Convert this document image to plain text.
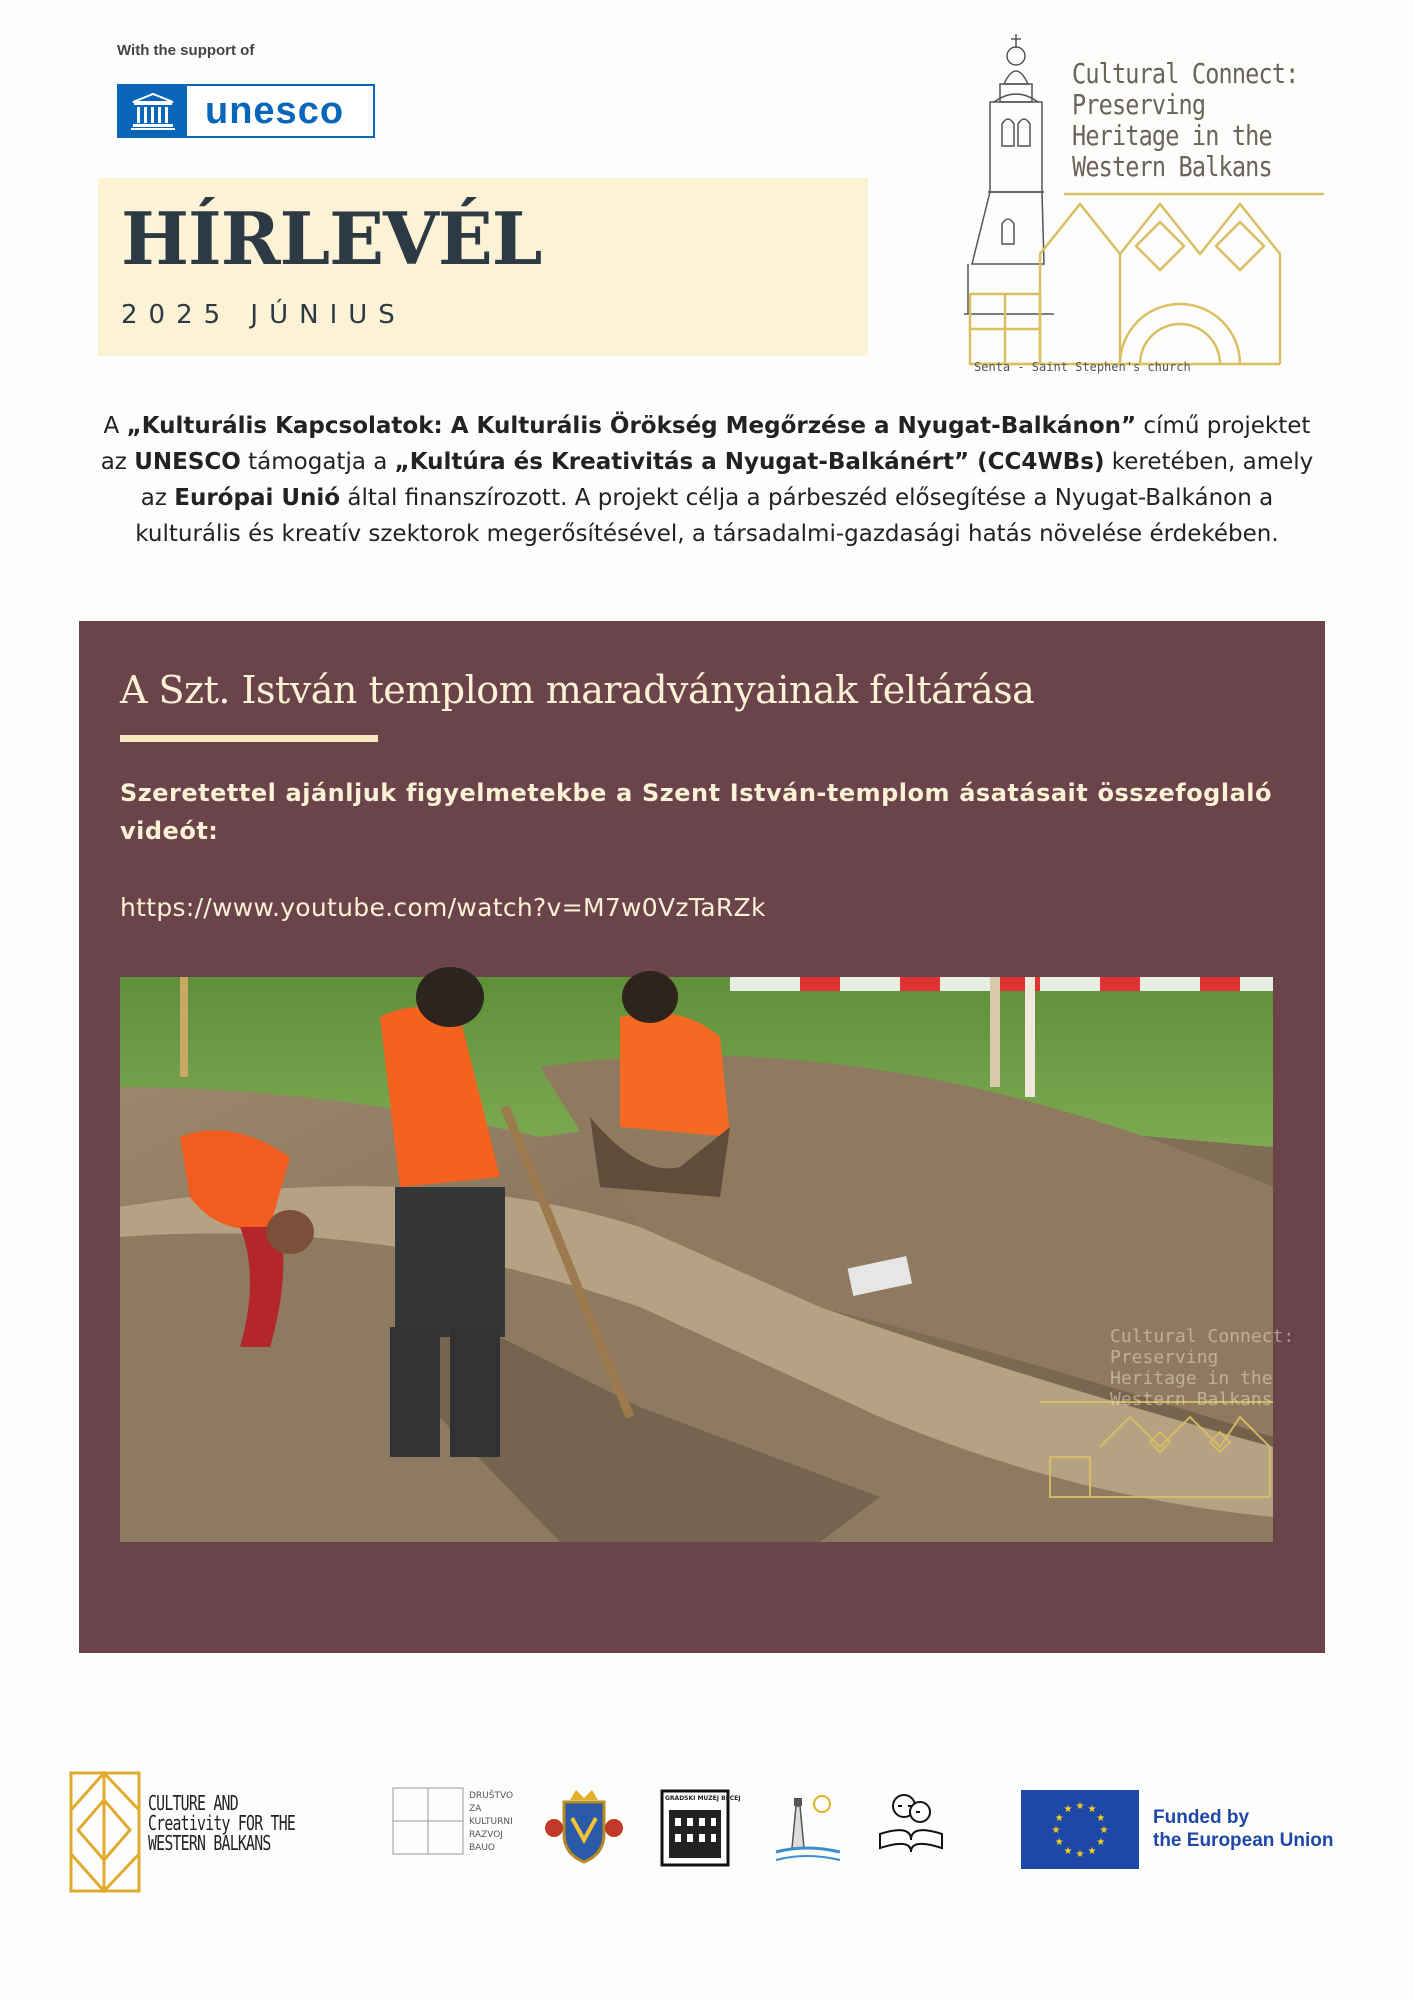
With the support of
unesco
HÍRLEVÉL
2025 JÚNIUS
Cultural Connect:
Preserving
Heritage in the
Western Balkans
Senta - Saint Stephen's church
A „Kulturális Kapcsolatok: A Kulturális Örökség Megőrzése a Nyugat-Balkánon” című projektet az UNESCO támogatja a „Kultúra és Kreativitás a Nyugat-Balkánért” (CC4WBs) keretében, amely az Európai Unió által finanszírozott. A projekt célja a párbeszéd elősegítése a Nyugat-Balkánon a kulturális és kreatív szektorok megerősítésével, a társadalmi-gazdasági hatás növelése érdekében.
A Szt. István templom maradványainak feltárása
Szeretettel ajánljuk figyelmetekbe a Szent István-templom ásatásait összefoglaló videót:
https://www.youtube.com/watch?v=M7w0VzTaRZk
Cultural Connect:
Preserving
Heritage in the
Western Balkans
CULTURE AND
Creativity FOR THE
WESTERN BALKANS
DRUŠTVO
ZA
KULTURNI
RAZVOJ
BAUO
GRADSKI MUZEJ BECEJ
★ ★
★
★
★
★
★
★
★
★
★
★	Funded by
the European Union
